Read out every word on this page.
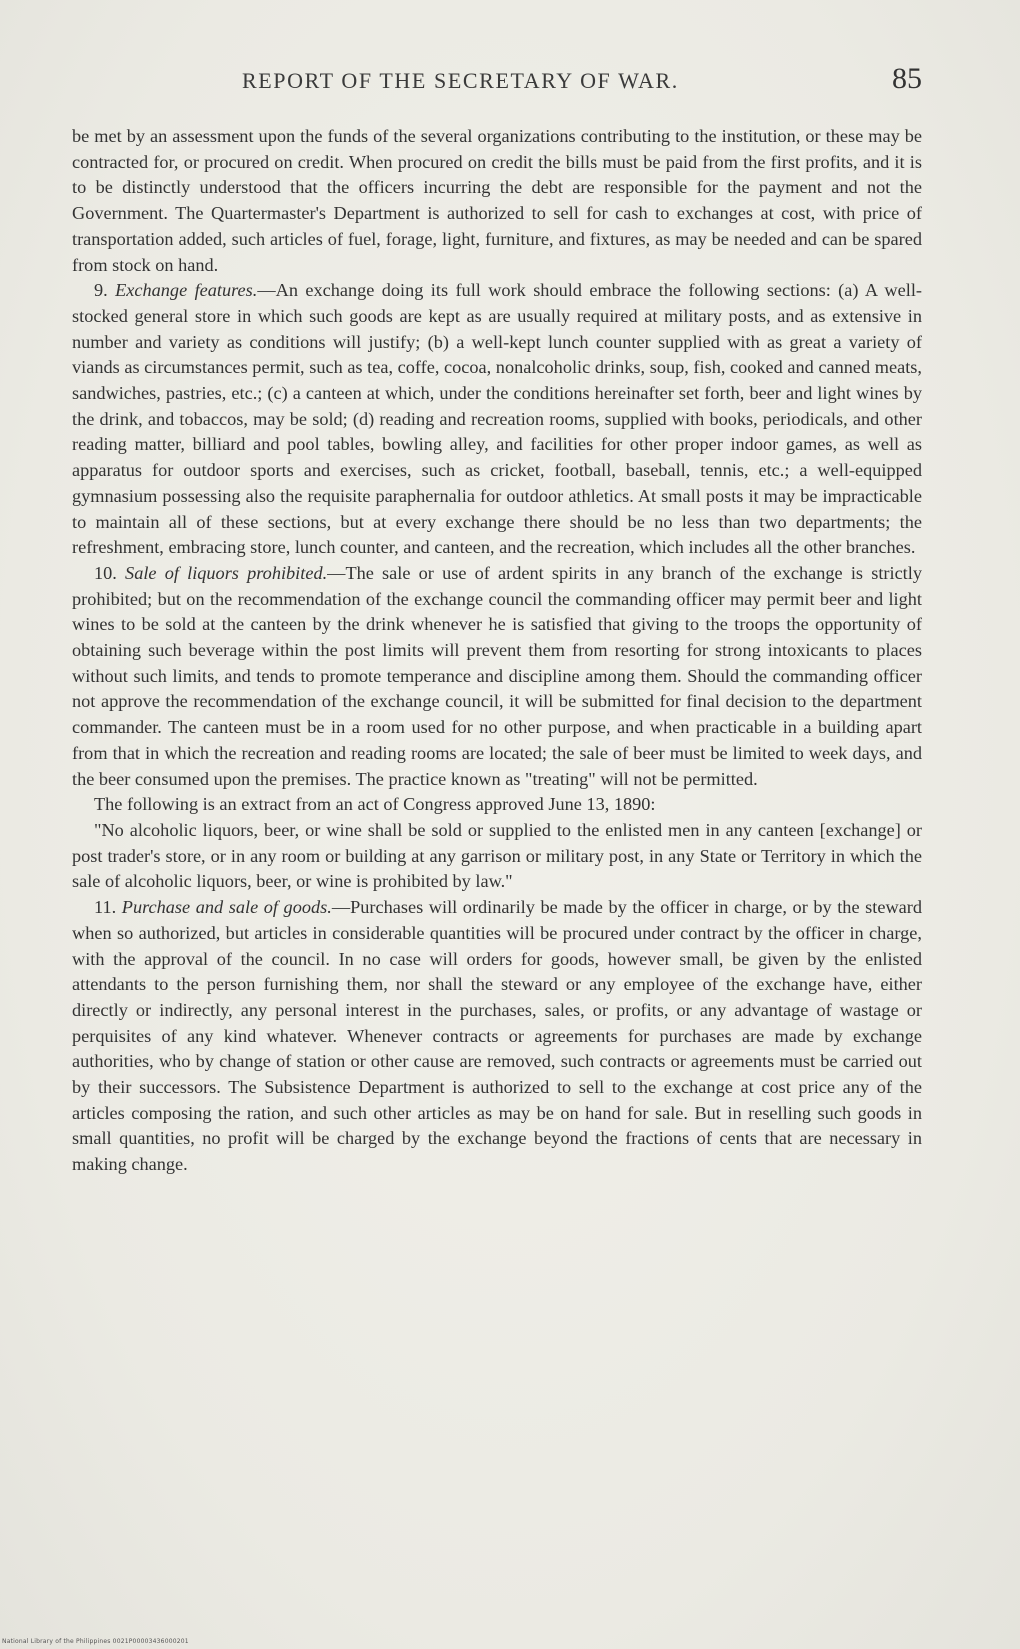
REPORT OF THE SECRETARY OF WAR.	85

be met by an assessment upon the funds of the several organizations contributing to the institution, or these may be contracted for, or procured on credit. When procured on credit the bills must be paid from the first profits, and it is to be distinctly understood that the officers incurring the debt are responsible for the payment and not the Government. The Quartermaster's Department is authorized to sell for cash to exchanges at cost, with price of transportation added, such articles of fuel, forage, light, furniture, and fixtures, as may be needed and can be spared from stock on hand.

9. Exchange features.—An exchange doing its full work should embrace the following sections: (a) A well-stocked general store in which such goods are kept as are usually required at military posts, and as extensive in number and variety as conditions will justify; (b) a well-kept lunch counter supplied with as great a variety of viands as circumstances permit, such as tea, coffe, cocoa, nonalcoholic drinks, soup, fish, cooked and canned meats, sandwiches, pastries, etc.; (c) a canteen at which, under the conditions hereinafter set forth, beer and light wines by the drink, and tobaccos, may be sold; (d) reading and recreation rooms, supplied with books, periodicals, and other reading matter, billiard and pool tables, bowling alley, and facilities for other proper indoor games, as well as apparatus for outdoor sports and exercises, such as cricket, football, baseball, tennis, etc.; a well-equipped gymnasium possessing also the requisite paraphernalia for outdoor athletics. At small posts it may be impracticable to maintain all of these sections, but at every exchange there should be no less than two departments; the refreshment, embracing store, lunch counter, and canteen, and the recreation, which includes all the other branches.

10. Sale of liquors prohibited.—The sale or use of ardent spirits in any branch of the exchange is strictly prohibited; but on the recommendation of the exchange council the commanding officer may permit beer and light wines to be sold at the canteen by the drink whenever he is satisfied that giving to the troops the opportunity of obtaining such beverage within the post limits will prevent them from resorting for strong intoxicants to places without such limits, and tends to promote temperance and discipline among them. Should the commanding officer not approve the recommendation of the exchange council, it will be submitted for final decision to the department commander. The canteen must be in a room used for no other purpose, and when practicable in a building apart from that in which the recreation and reading rooms are located; the sale of beer must be limited to week days, and the beer consumed upon the premises. The practice known as "treating" will not be permitted.

The following is an extract from an act of Congress approved June 13, 1890:

"No alcoholic liquors, beer, or wine shall be sold or supplied to the enlisted men in any canteen [exchange] or post trader's store, or in any room or building at any garrison or military post, in any State or Territory in which the sale of alcoholic liquors, beer, or wine is prohibited by law."

11. Purchase and sale of goods.—Purchases will ordinarily be made by the officer in charge, or by the steward when so authorized, but articles in considerable quantities will be procured under contract by the officer in charge, with the approval of the council. In no case will orders for goods, however small, be given by the enlisted attendants to the person furnishing them, nor shall the steward or any employee of the exchange have, either directly or indirectly, any personal interest in the purchases, sales, or profits, or any advantage of wastage or perquisites of any kind whatever. Whenever contracts or agreements for purchases are made by exchange authorities, who by change of station or other cause are removed, such contracts or agreements must be carried out by their successors. The Subsistence Department is authorized to sell to the exchange at cost price any of the articles composing the ration, and such other articles as may be on hand for sale. But in reselling such goods in small quantities, no profit will be charged by the exchange beyond the fractions of cents that are necessary in making change.

National Library of the Philippines 0021P00003436000201
